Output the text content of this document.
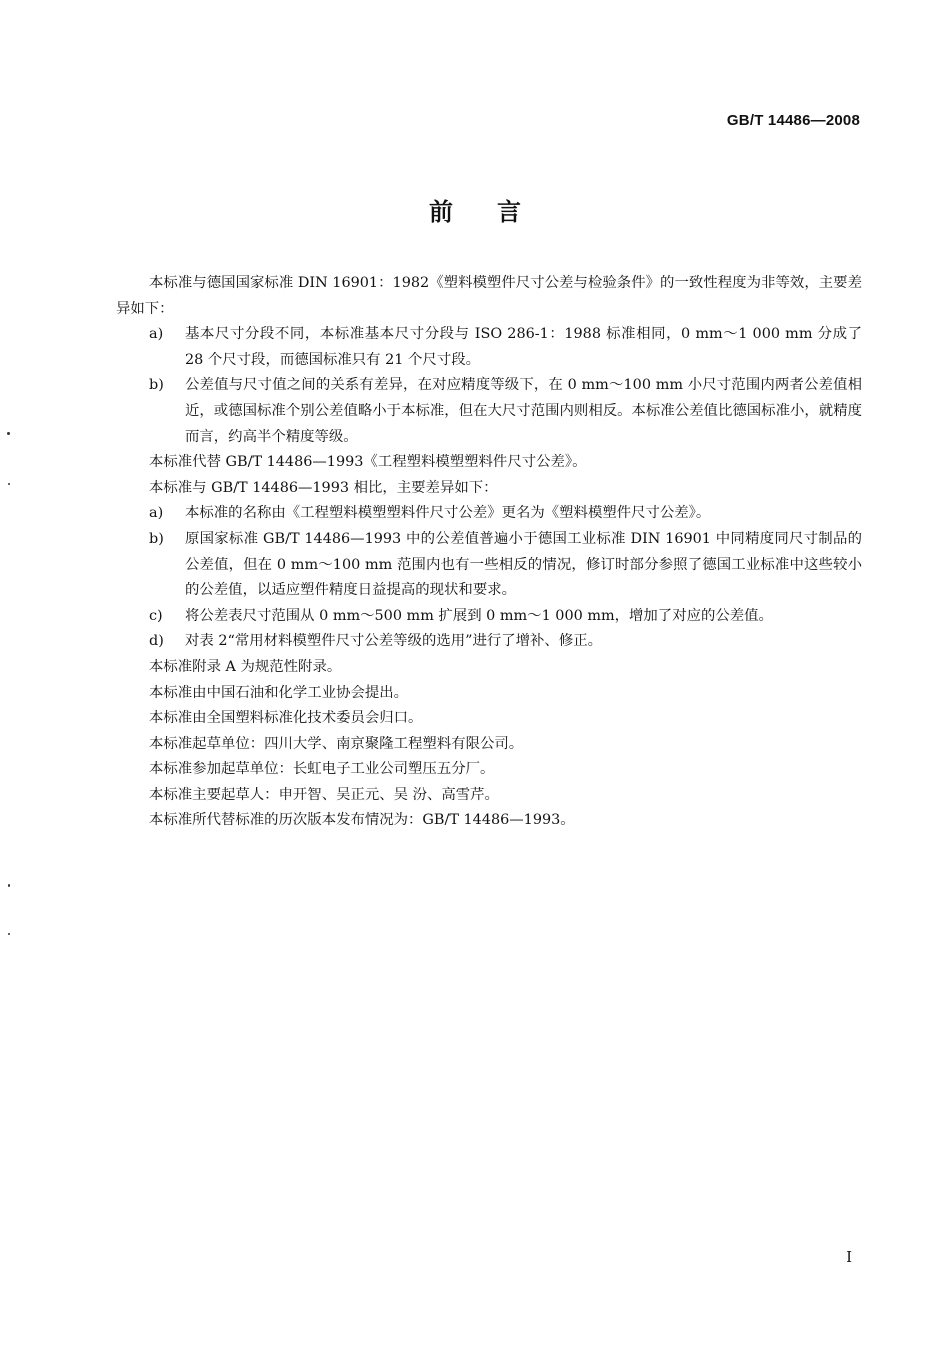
GB/T 14486—2008
前言

本标准与德国国家标准 DIN 16901：1982《塑料模塑件尺寸公差与检验条件》的一致性程度为非等效，主要差异如下：

a)	基本尺寸分段不同，本标准基本尺寸分段与 ISO 286-1：1988 标准相同，0 mm～1 000 mm 分成了 28 个尺寸段，而德国标准只有 21 个尺寸段。
b)	公差值与尺寸值之间的关系有差异，在对应精度等级下，在 0 mm～100 mm 小尺寸范围内两者公差值相近，或德国标准个别公差值略小于本标准，但在大尺寸范围内则相反。本标准公差值比德国标准小，就精度而言，约高半个精度等级。

本标准代替 GB/T 14486—1993《工程塑料模塑塑料件尺寸公差》。

本标准与 GB/T 14486—1993 相比，主要差异如下：

a)	本标准的名称由《工程塑料模塑塑料件尺寸公差》更名为《塑料模塑件尺寸公差》。
b)	原国家标准 GB/T 14486—1993 中的公差值普遍小于德国工业标准 DIN 16901 中同精度同尺寸制品的公差值，但在 0 mm～100 mm 范围内也有一些相反的情况，修订时部分参照了德国工业标准中这些较小的公差值，以适应塑件精度日益提高的现状和要求。
c)	将公差表尺寸范围从 0 mm～500 mm 扩展到 0 mm～1 000 mm，增加了对应的公差值。
d)	对表 2“常用材料模塑件尺寸公差等级的选用”进行了增补、修正。

本标准附录 A 为规范性附录。

本标准由中国石油和化学工业协会提出。

本标准由全国塑料标准化技术委员会归口。

本标准起草单位：四川大学、南京聚隆工程塑料有限公司。

本标准参加起草单位：长虹电子工业公司塑压五分厂。

本标准主要起草人：申开智、吴正元、吴 汾、高雪芹。

本标准所代替标准的历次版本发布情况为：GB/T 14486—1993。

I
